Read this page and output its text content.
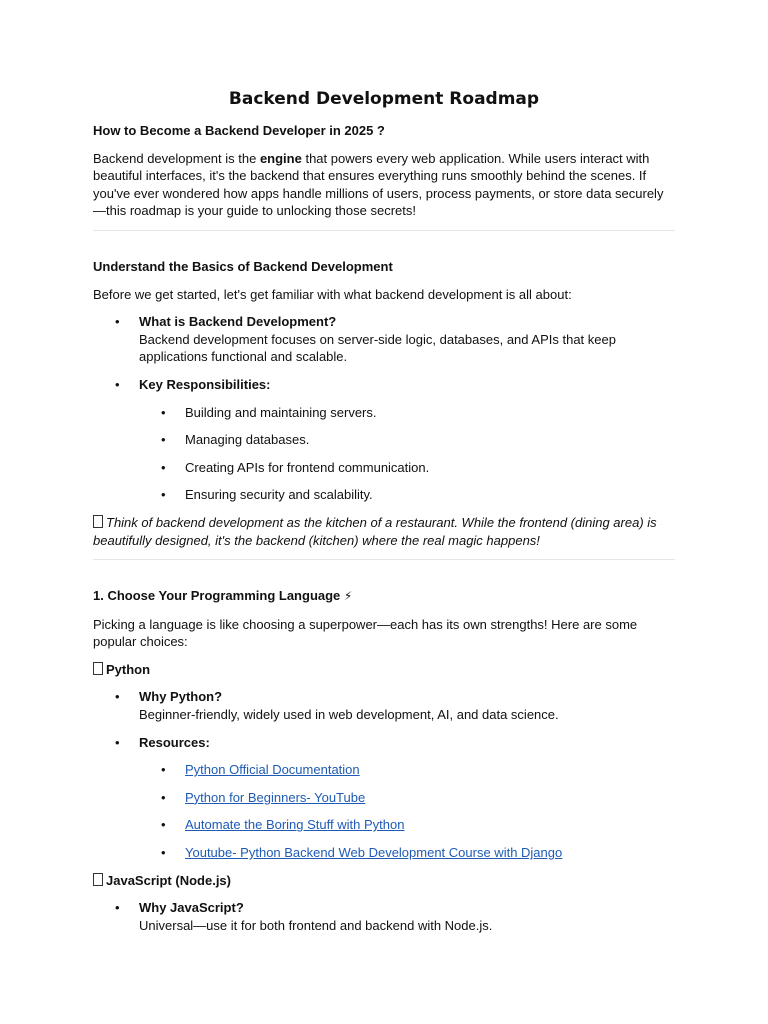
Backend Development Roadmap
How to Become a Backend Developer in 2025 ?

Backend development is the engine that powers every web application. While users interact with beautiful interfaces, it's the backend that ensures everything runs smoothly behind the scenes. If you've ever wondered how apps handle millions of users, process payments, or store data securely—this roadmap is your guide to unlocking those secrets!

Understand the Basics of Backend Development

Before we get started, let's get familiar with what backend development is all about:

• What is Backend Development?
Backend development focuses on server-side logic, databases, and APIs that keep applications functional and scalable.
• Key Responsibilities:
• Building and maintaining servers.
• Managing databases.
• Creating APIs for frontend communication.
• Ensuring security and scalability.

Think of backend development as the kitchen of a restaurant. While the frontend (dining area) is beautifully designed, it's the backend (kitchen) where the real magic happens!

1. Choose Your Programming Language ⚡

Picking a language is like choosing a superpower—each has its own strengths! Here are some popular choices:

Python
• Why Python?
Beginner-friendly, widely used in web development, AI, and data science.
• Resources:
• Python Official Documentation
• Python for Beginners- YouTube
• Automate the Boring Stuff with Python
• Youtube- Python Backend Web Development Course with Django
JavaScript (Node.js)
• Why JavaScript?
Universal—use it for both frontend and backend with Node.js.
